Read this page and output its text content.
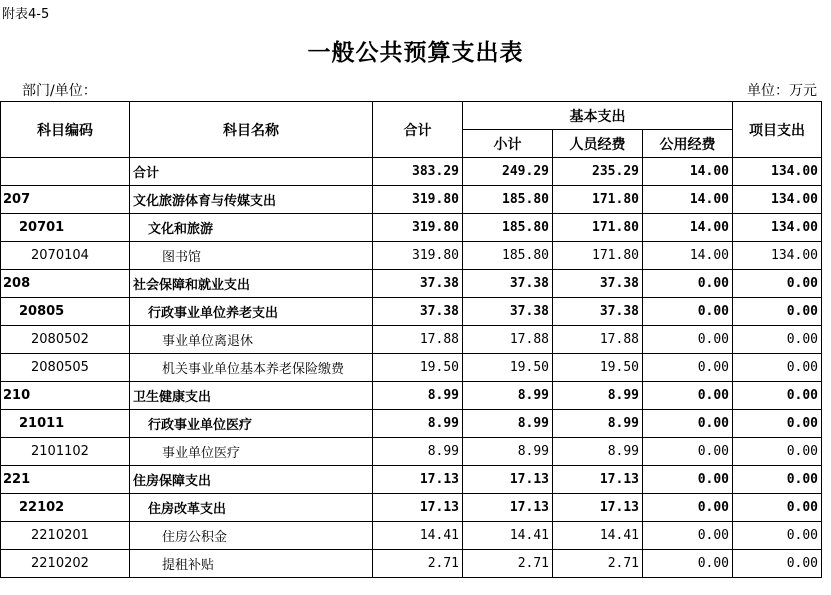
附表4-5
一般公共预算支出表
部门/单位：	单位：万元
科目编码	科目名称	合计	基本支出			项目支出
			小计	人员经费	公用经费	
	合计	383.29	249.29	235.29	14.00	134.00
207	文化旅游体育与传媒支出	319.80	185.80	171.80	14.00	134.00
20701	文化和旅游	319.80	185.80	171.80	14.00	134.00
2070104	图书馆	319.80	185.80	171.80	14.00	134.00
208	社会保障和就业支出	37.38	37.38	37.38	0.00	0.00
20805	行政事业单位养老支出	37.38	37.38	37.38	0.00	0.00
2080502	事业单位离退休	17.88	17.88	17.88	0.00	0.00
2080505	机关事业单位基本养老保险缴费	19.50	19.50	19.50	0.00	0.00
210	卫生健康支出	8.99	8.99	8.99	0.00	0.00
21011	行政事业单位医疗	8.99	8.99	8.99	0.00	0.00
2101102	事业单位医疗	8.99	8.99	8.99	0.00	0.00
221	住房保障支出	17.13	17.13	17.13	0.00	0.00
22102	住房改革支出	17.13	17.13	17.13	0.00	0.00
2210201	住房公积金	14.41	14.41	14.41	0.00	0.00
2210202	提租补贴	2.71	2.71	2.71	0.00	0.00
